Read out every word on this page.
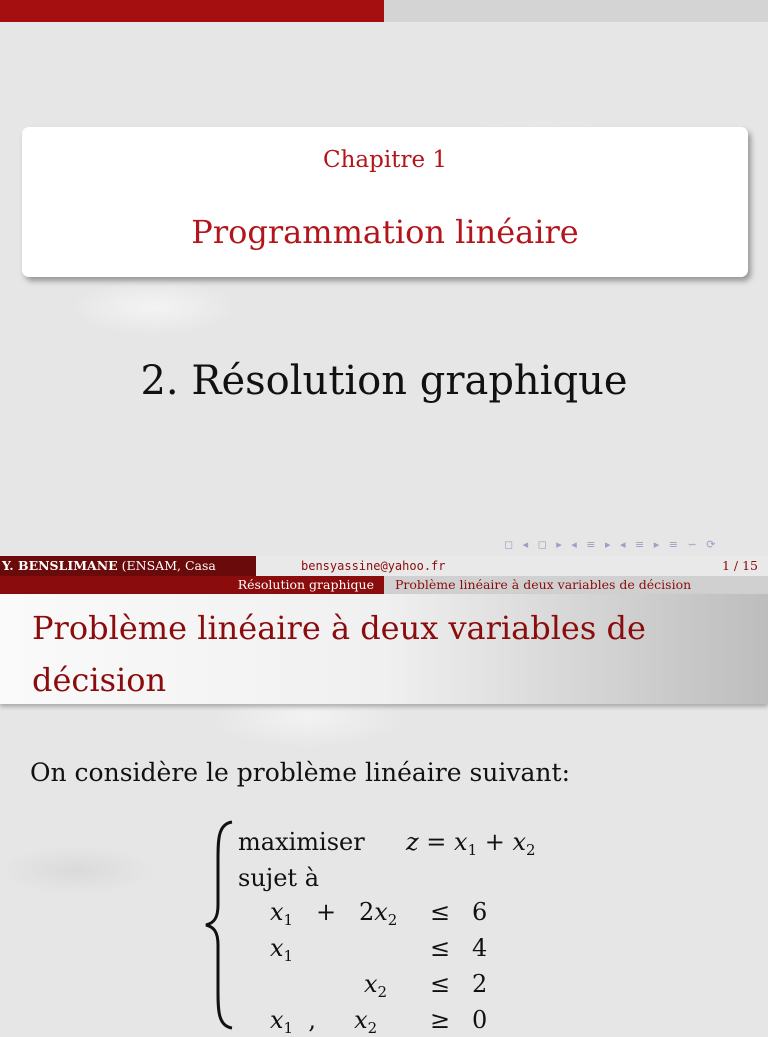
Chapitre 1
Programmation linéaire
2. Résolution graphique
◻ ◂ ◻ ▸ ◂ ≡ ▸ ◂ ≡ ▸ ≡ ∽ ⟳
Y. BENSLIMANE (ENSAM, Casa	bensyassine@yahoo.fr	1 / 15
Résolution graphique Problème linéaire à deux variables de décision
Problème linéaire à deux variables de décision
On considère le problème linéaire suivant:
maximiser $z = x_1 + x_2$
sujet à
$x_1 + 2x_2 \le 6$
$x_1$	≤ 4
$x_2 \le 2$
$x_1$  ,     $x_2 \ge 0$
